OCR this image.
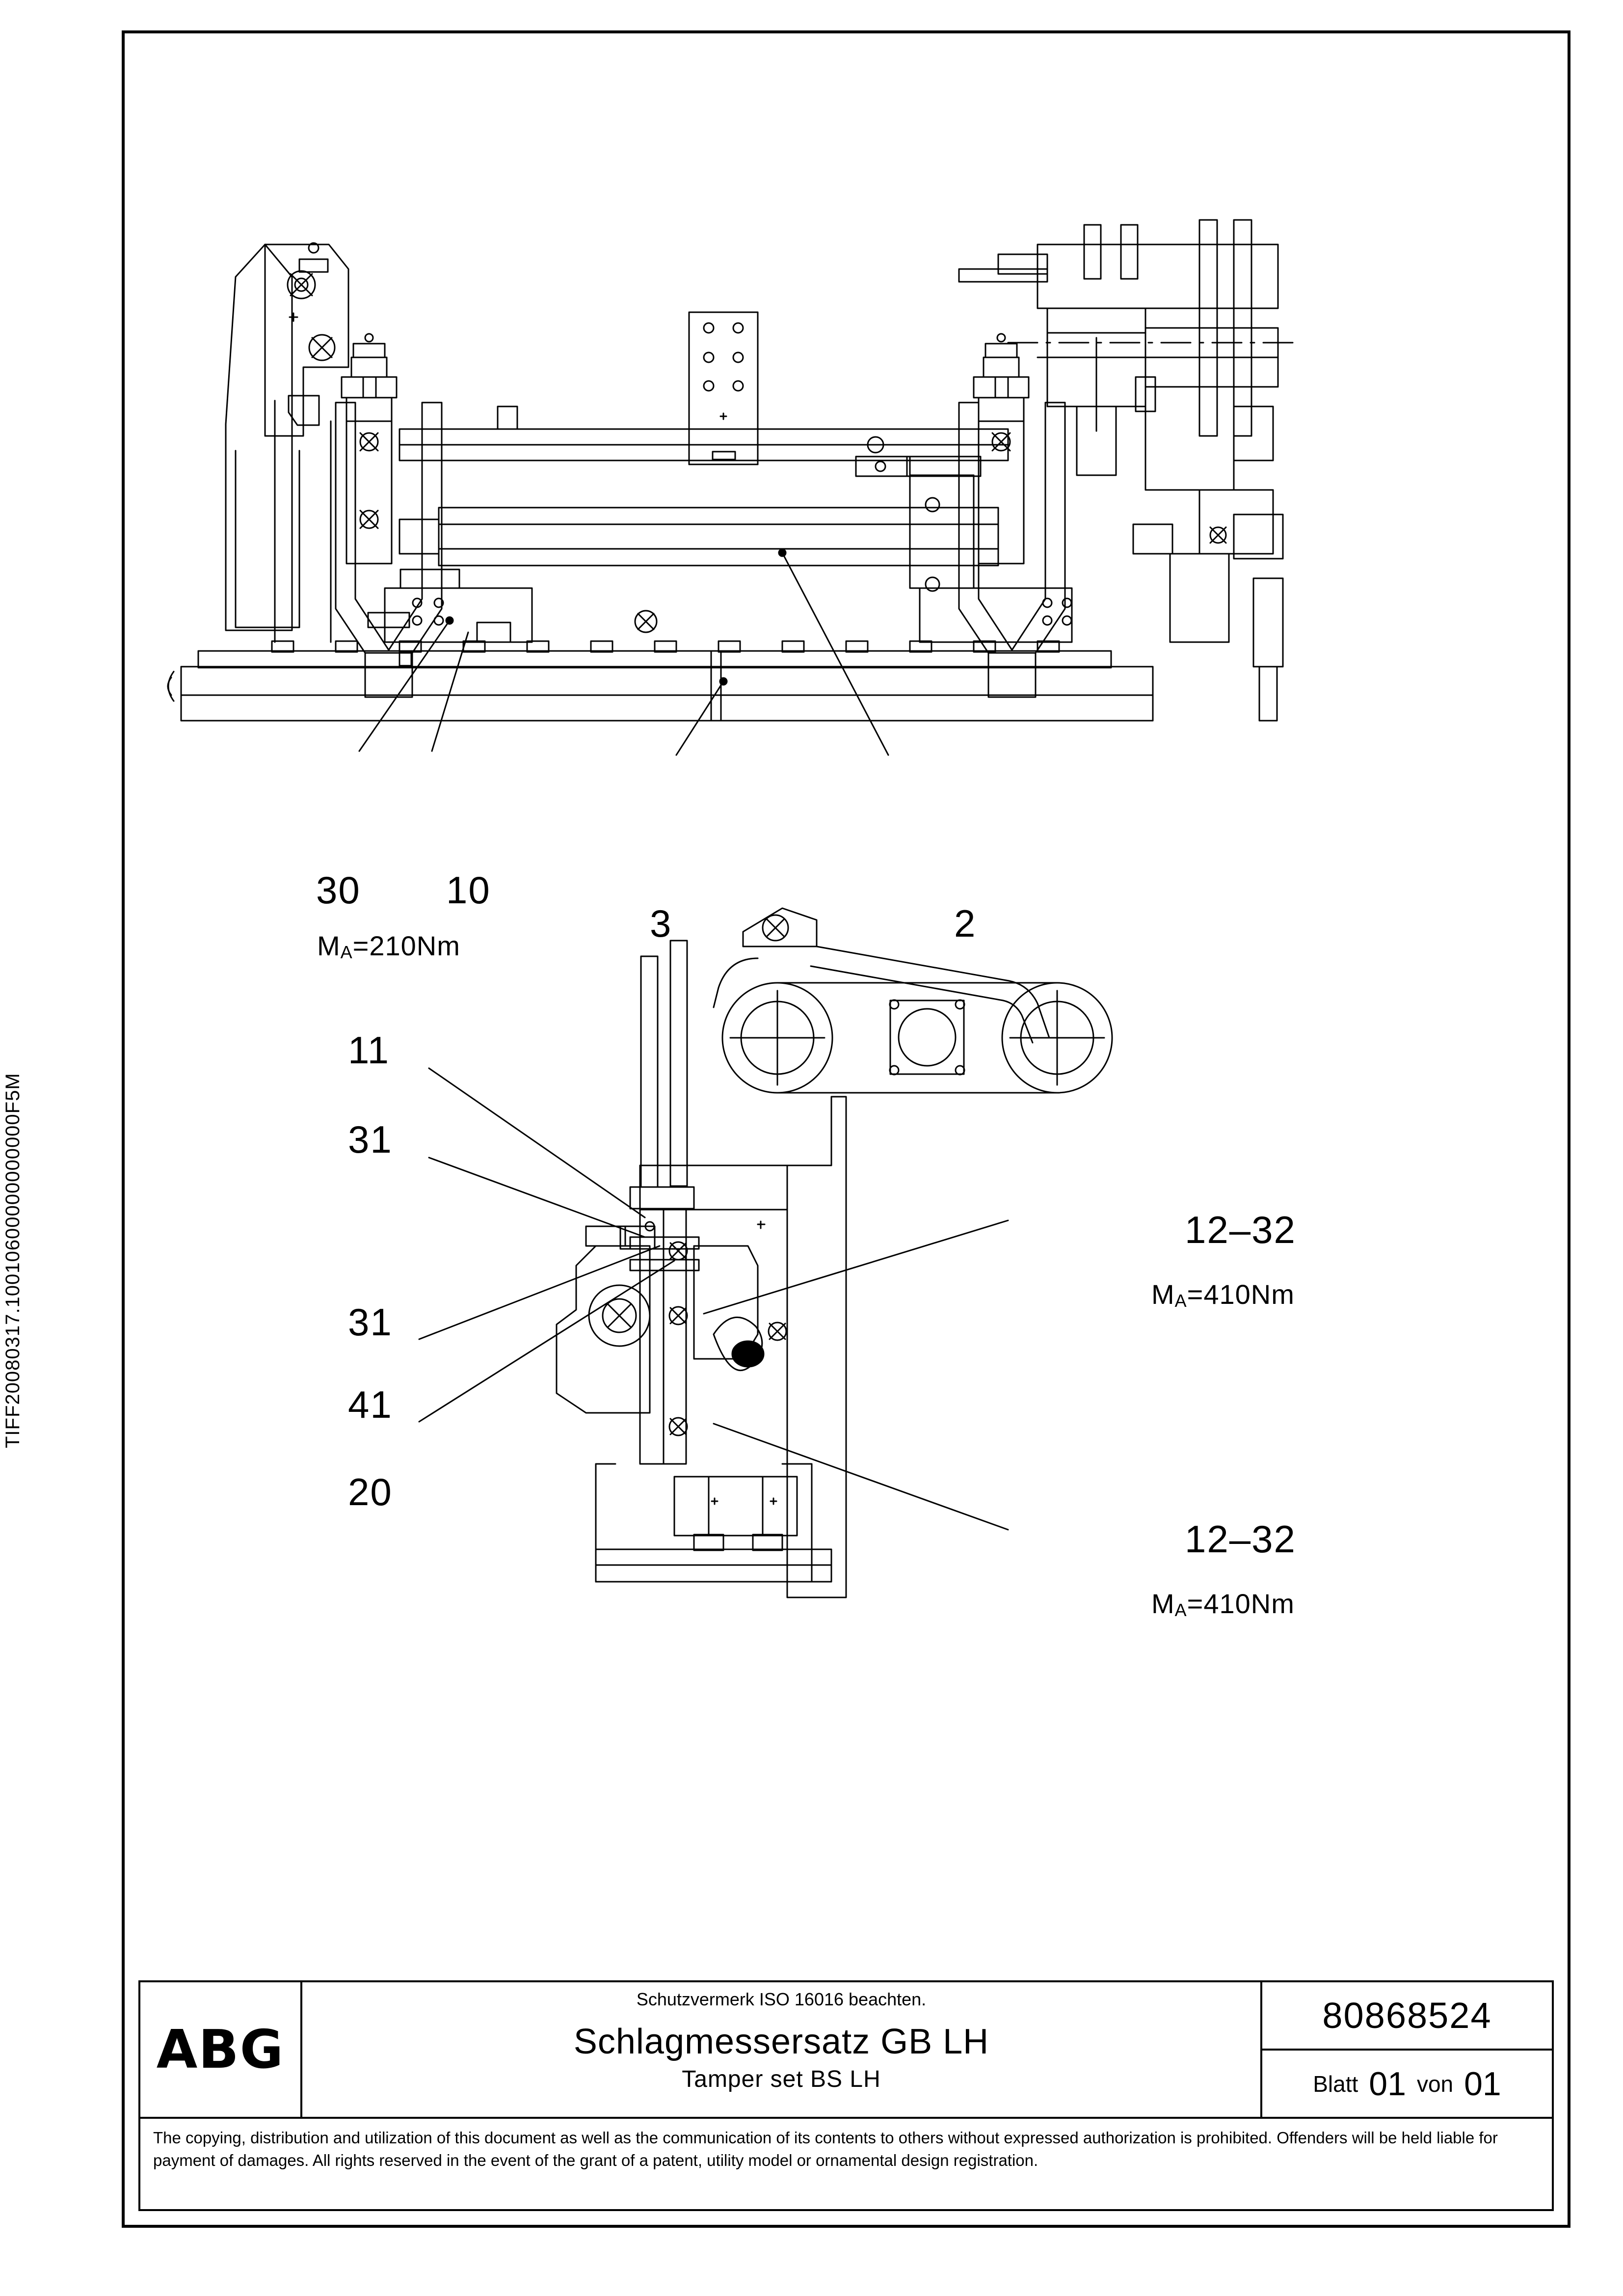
TIFF20080317.10010600000000000F5M
30 10
MA=210Nm
3	2
11
31
31
41
20
12–32
MA=410Nm
12–32
MA=410Nm
ABG
Schutzvermerk ISO 16016 beachten.
Schlagmessersatz GB LH
Tamper set BS LH
80868524
Blatt 01 von 01
The copying, distribution and utilization of this document as well as the communication of its contents to others without expressed authorization is prohibited. Offenders will be held liable for payment of damages. All rights reserved in the event of the grant of a patent, utility model or ornamental design registration.
